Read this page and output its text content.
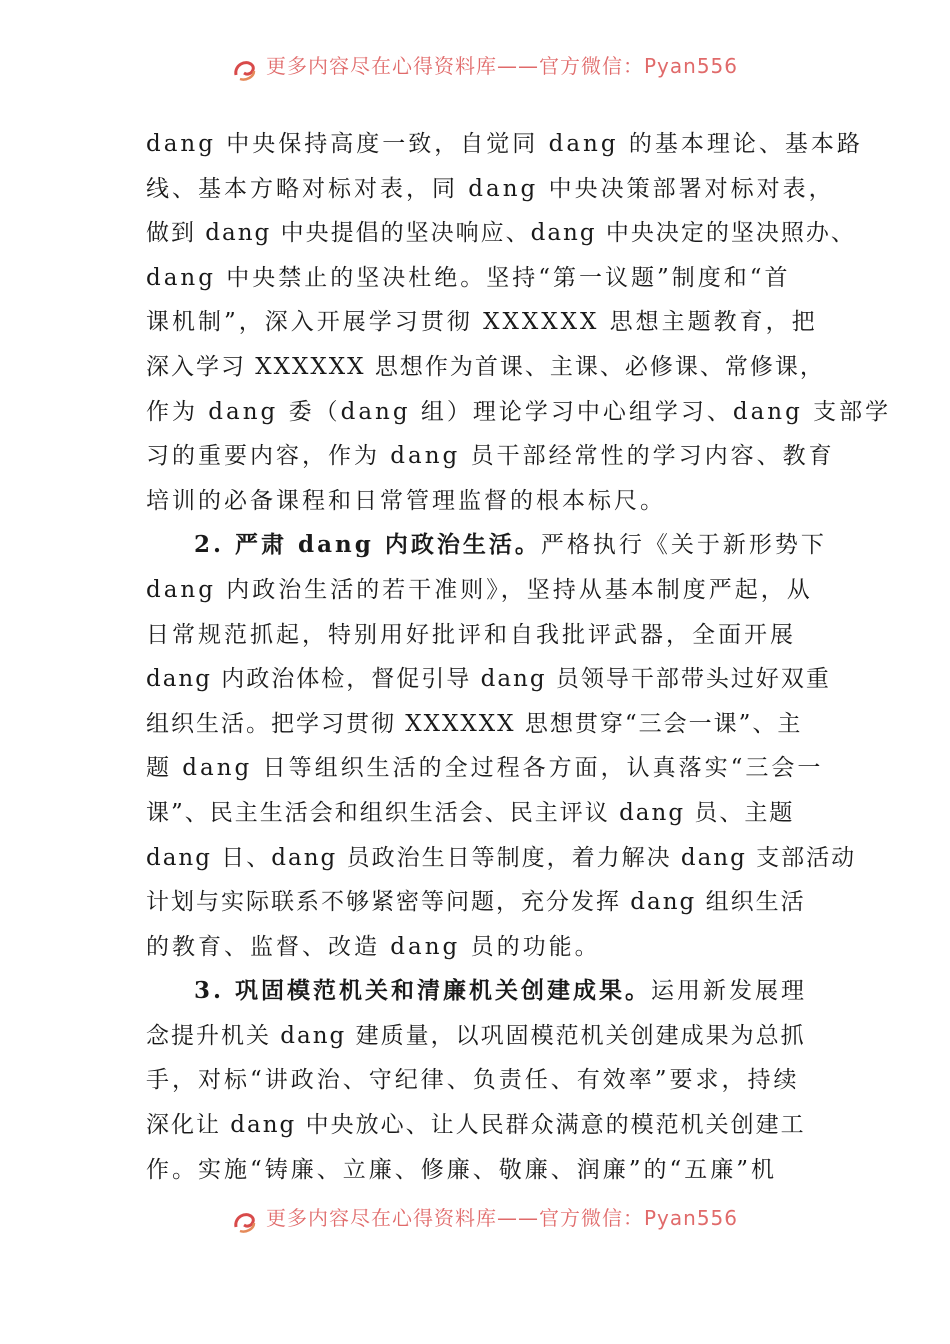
更多内容尽在心得资料库——官方微信：Pyan556
dang 中央保持高度一致，自觉同 dang 的基本理论、基本路
线、基本方略对标对表，同 dang 中央决策部署对标对表，
做到 dang 中央提倡的坚决响应、dang 中央决定的坚决照办、
dang 中央禁止的坚决杜绝。坚持“第一议题”制度和“首
课机制”，深入开展学习贯彻 XXXXXX 思想主题教育，把
深入学习 XXXXXX 思想作为首课、主课、必修课、常修课，
作为 dang 委（dang 组）理论学习中心组学习、dang 支部学
习的重要内容，作为 dang 员干部经常性的学习内容、教育
培训的必备课程和日常管理监督的根本标尺。
2. 严肃 dang 内政治生活。严格执行《关于新形势下
dang 内政治生活的若干准则》，坚持从基本制度严起，从
日常规范抓起，特别用好批评和自我批评武器，全面开展
dang 内政治体检，督促引导 dang 员领导干部带头过好双重
组织生活。把学习贯彻 XXXXXX 思想贯穿“三会一课”、主
题 dang 日等组织生活的全过程各方面，认真落实“三会一
课”、民主生活会和组织生活会、民主评议 dang 员、主题
dang 日、dang 员政治生日等制度，着力解决 dang 支部活动
计划与实际联系不够紧密等问题，充分发挥 dang 组织生活
的教育、监督、改造 dang 员的功能。
3. 巩固模范机关和清廉机关创建成果。运用新发展理
念提升机关 dang 建质量，以巩固模范机关创建成果为总抓
手，对标“讲政治、守纪律、负责任、有效率”要求，持续
深化让 dang 中央放心、让人民群众满意的模范机关创建工
作。实施“铸廉、立廉、修廉、敬廉、润廉”的“五廉”机
更多内容尽在心得资料库——官方微信：Pyan556
